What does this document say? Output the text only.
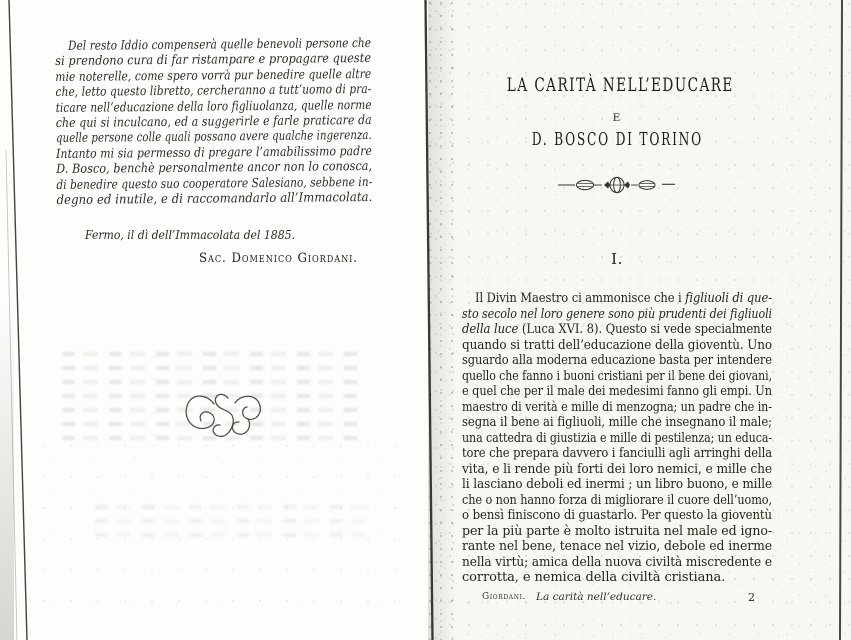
Del resto Iddio compenserà quelle benevoli persone che
si prendono cura di far ristampare e propagare queste
mie noterelle, come spero vorrà pur benedire quelle altre
che, letto questo libretto, cercheranno a tutt’uomo di pra-
ticare nell’educazione della loro figliuolanza, quelle norme
che qui si inculcano, ed a suggerirle e farle praticare da
quelle persone colle quali possano avere qualche ingerenza.
Intanto mi sia permesso di pregare l’amabilissimo padre
D. Bosco, benchè personalmente ancor non lo conosca,
di benedire questo suo cooperatore Salesiano, sebbene in-
degno ed inutile, e di raccomandarlo all’Immacolata.
Fermo, il dì dell’Immacolata del 1885.
Sac. Domenico Giordani.
LA CARITÀ NELL’EDUCARE
E
D. BOSCO DI TORINO
I.
Il Divin Maestro ci ammonisce che i figliuoli di que-
sto secolo nel loro genere sono più prudenti dei figliuoli
della luce (Luca XVI. 8). Questo si vede specialmente
quando si tratti dell’educazione della gioventù. Uno
sguardo alla moderna educazione basta per intendere
quello che fanno i buoni cristiani per il bene dei giovani,
e quel che per il male dei medesimi fanno gli empi. Un
maestro di verità e mille di menzogna; un padre che in-
segna il bene ai figliuoli, mille che insegnano il male;
una cattedra di giustizia e mille di pestilenza; un educa-
tore che prepara davvero i fanciulli agli arringhi della
vita, e li rende più forti dei loro nemici, e mille che
li lasciano deboli ed inermi ; un libro buono, e mille
che o non hanno forza di migliorare il cuore dell’uomo,
o bensì finiscono di guastarlo. Per questo la gioventù
per la più parte è molto istruita nel male ed igno-
rante nel bene, tenace nel vizio, debole ed inerme
nella virtù; amica della nuova civiltà miscredente e
corrotta, e nemica della civiltà cristiana.
Giordani. La carità nell’educare.	2
